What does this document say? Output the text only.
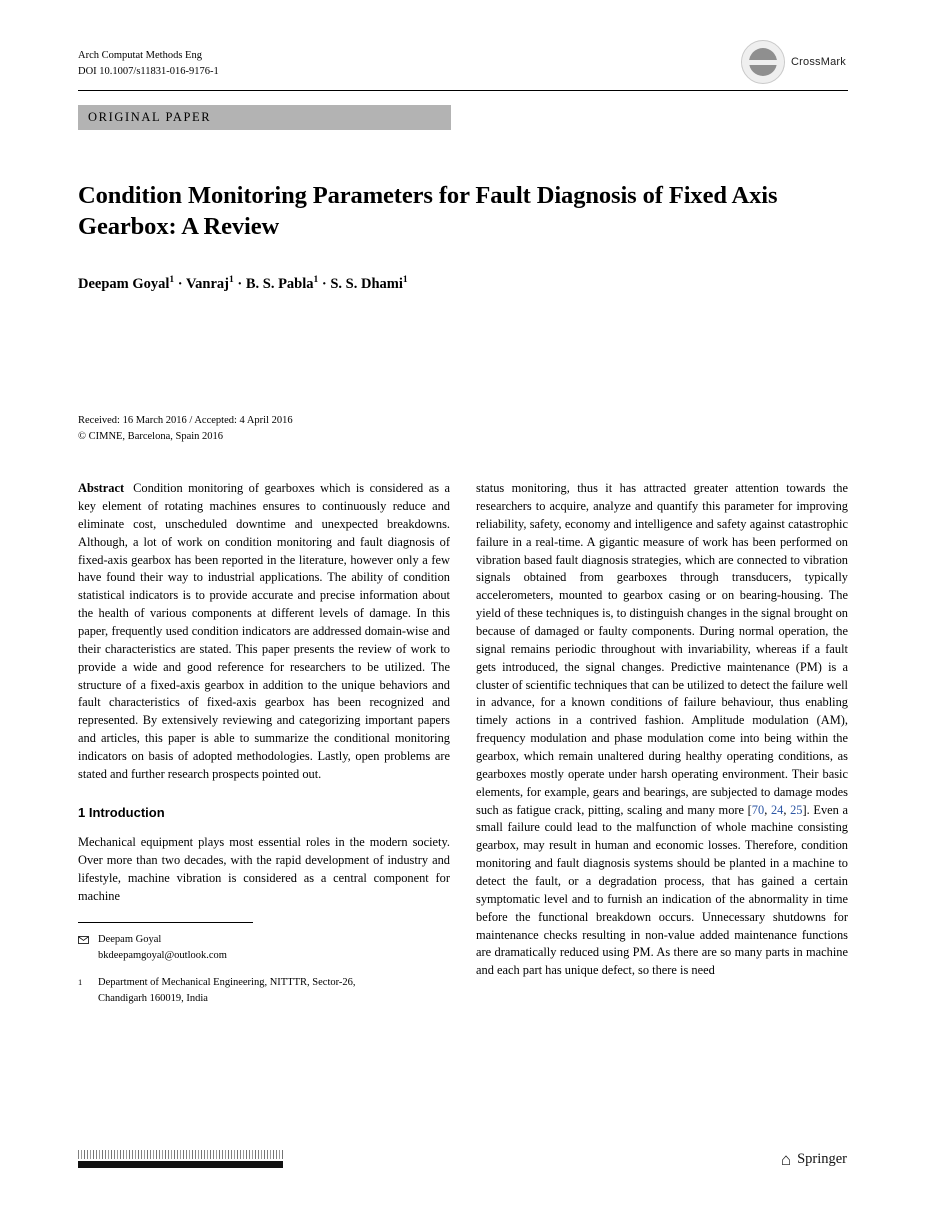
Arch Computat Methods Eng
DOI 10.1007/s11831-016-9176-1
CrossMark
ORIGINAL PAPER
Condition Monitoring Parameters for Fault Diagnosis of Fixed Axis Gearbox: A Review
Deepam Goyal$^1$ · Vanraj$^1$ · B. S. Pabla$^1$ · S. S. Dhami$^1$
Received: 16 March 2016 / Accepted: 4 April 2016
© CIMNE, Barcelona, Spain 2016

Abstract Condition monitoring of gearboxes which is considered as a key element of rotating machines ensures to continuously reduce and eliminate cost, unscheduled downtime and unexpected breakdowns. Although, a lot of work on condition monitoring and fault diagnosis of fixed-axis gearbox has been reported in the literature, however only a few have found their way to industrial applications. The ability of condition statistical indicators is to provide accurate and precise information about the health of various components at different levels of damage. In this paper, frequently used condition indicators are addressed domain-wise and their characteristics are stated. This paper presents the review of work to provide a wide and good reference for researchers to be utilized. The structure of a fixed-axis gearbox in addition to the unique behaviors and fault characteristics of fixed-axis gearbox has been recognized and represented. By extensively reviewing and categorizing important papers and articles, this paper is able to summarize the conditional monitoring indicators on basis of adopted methodologies. Lastly, open problems are stated and further research prospects pointed out.

1 Introduction

Mechanical equipment plays most essential roles in the modern society. Over more than two decades, with the rapid development of industry and lifestyle, machine vibration is considered as a central component for machine

Deepam Goyal
bkdeepamgoyal@outlook.com
1	Department of Mechanical Engineering, NITTTR, Sector-26,
Chandigarh 160019, India

status monitoring, thus it has attracted greater attention towards the researchers to acquire, analyze and quantify this parameter for improving reliability, safety, economy and intelligence and safety against catastrophic failure in a real-time. A gigantic measure of work has been performed on vibration based fault diagnosis strategies, which are connected to vibration signals obtained from gearboxes through transducers, typically accelerometers, mounted to gearbox casing or on bearing-housing. The yield of these techniques is, to distinguish changes in the signal brought on because of damaged or faulty components. During normal operation, the signal remains periodic throughout with invariability, whereas if a fault gets introduced, the signal changes. Predictive maintenance (PM) is a cluster of scientific techniques that can be utilized to detect the failure well in advance, for a known conditions of failure behaviour, thus enabling timely actions in a contrived fashion. Amplitude modulation (AM), frequency modulation and phase modulation come into being within the gearbox, which remain unaltered during healthy operating conditions, as gearboxes mostly operate under harsh operating environment. Their basic elements, for example, gears and bearings, are subjected to damage modes such as fatigue crack, pitting, scaling and many more [70, 24, 25]. Even a small failure could lead to the malfunction of whole machine consisting gearbox, may result in human and economic losses. Therefore, condition monitoring and fault diagnosis systems should be planted in a machine to detect the fault, or a degradation process, that has gained a certain symptomatic level and to furnish an indication of the abnormality in time before the functional breakdown occurs. Unnecessary shutdowns for maintenance checks resulting in non-value added maintenance functions are dramatically reduced using PM. As there are so many parts in machine and each part has unique defect, so there is need

⌂ Springer
